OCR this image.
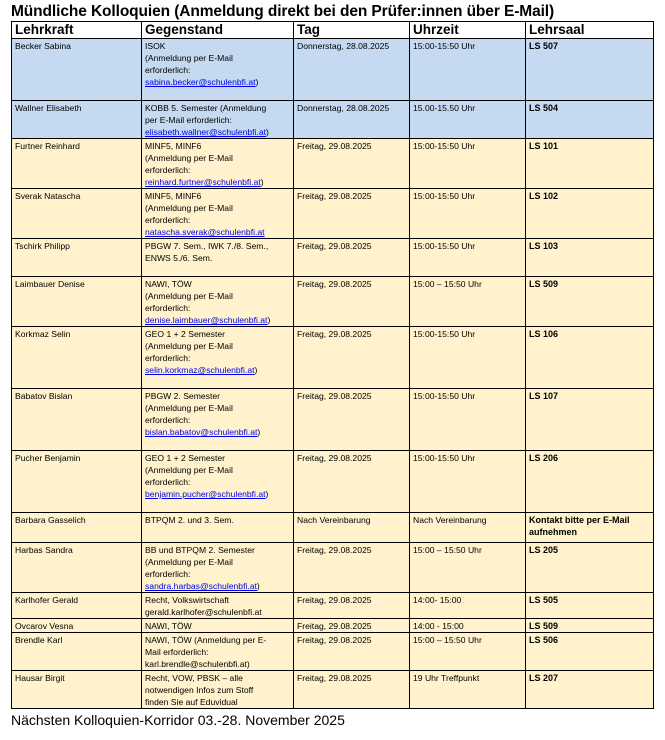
Mündliche Kolloquien (Anmeldung direkt bei den Prüfer:innen über E-Mail)
Lehrkraft	Gegenstand	Tag	Uhrzeit	Lehrsaal
Becker Sabina	ISOK
(Anmeldung per E-Mail
erforderlich:
sabina.becker@schulenbfi.at)	Donnerstag, 28.08.2025	15:00-15:50 Uhr	LS 507
Wallner Elisabeth	KOBB 5. Semester (Anmeldung
per E-Mail erforderlich:
elisabeth.wallner@schulenbfi.at)	Donnerstag, 28.08.2025	15.00-15.50 Uhr	LS 504
Furtner Reinhard	MINF5, MINF6
(Anmeldung per E-Mail
erforderlich:
reinhard.furtner@schulenbfi.at)	Freitag, 29.08.2025	15:00-15:50 Uhr	LS 101
Sverak Natascha	MINF5, MINF6
(Anmeldung per E-Mail
erforderlich:
natascha.sverak@schulenbfi.at	Freitag, 29.08.2025	15:00-15:50 Uhr	LS 102
Tschirk Philipp	PBGW 7. Sem., IWK 7./8. Sem.,
ENWS 5./6. Sem.	Freitag, 29.08.2025	15:00-15:50 Uhr	LS 103
Laimbauer Denise	NAWI, TÖW
(Anmeldung per E-Mail
erforderlich:
denise.laimbauer@schulenbfi.at)	Freitag, 29.08.2025	15:00 – 15:50 Uhr	LS 509
Korkmaz Selin	GEO 1 + 2 Semester
(Anmeldung per E-Mail
erforderlich:
selin.korkmaz@schulenbfi.at)	Freitag, 29.08.2025	15:00-15:50 Uhr	LS 106
Babatov Bislan	PBGW 2. Semester
(Anmeldung per E-Mail
erforderlich:
bislan.babatov@schulenbfi.at)	Freitag, 29.08.2025	15:00-15:50 Uhr	LS 107
Pucher Benjamin	GEO 1 + 2 Semester
(Anmeldung per E-Mail
erforderlich:
benjamin.pucher@schulenbfi.at)	Freitag, 29.08.2025	15:00-15:50 Uhr	LS 206
Barbara Gasselich	BTPQM 2. und 3. Sem.	Nach Vereinbarung	Nach Vereinbarung	Kontakt bitte per E-Mail aufnehmen
Harbas Sandra	BB und BTPQM 2. Semester
(Anmeldung per E-Mail
erforderlich:
sandra.harbas@schulenbfi.at)	Freitag, 29.08.2025	15:00 – 15:50 Uhr	LS 205
Karlhofer Gerald	Recht, Volkswirtschaft
gerald.karlhofer@schulenbfi.at	Freitag, 29.08.2025	14:00- 15:00	LS 505
Ovcarov Vesna	NAWI, TÖW	Freitag, 29.08.2025	14:00 - 15:00	LS 509
Brendle Karl	NAWI, TÖW (Anmeldung per E-
Mail erforderlich:
karl.brendle@schulenbfi.at)	Freitag, 29.08.2025	15:00 – 15:50 Uhr	LS 506
Hausar Birgit	Recht, VOW, PBSK – alle
notwendigen Infos zum Stoff
finden Sie auf Eduvidual	Freitag, 29.08.2025	19 Uhr Treffpunkt	LS 207
Nächsten Kolloquien-Korridor 03.-28. November 2025
